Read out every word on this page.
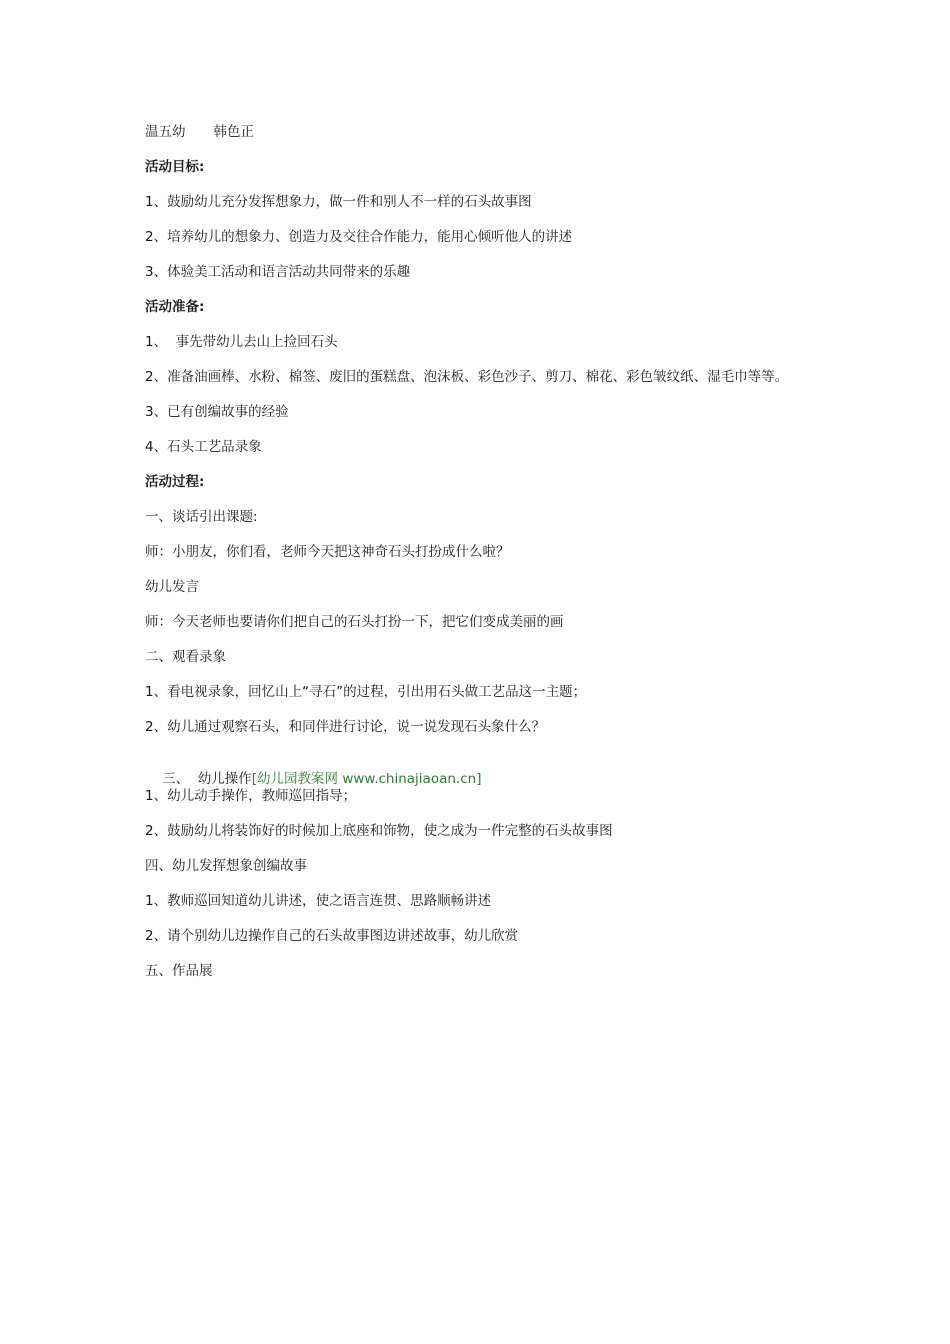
温五幼 韩色正
活动目标:
1、鼓励幼儿充分发挥想象力，做一件和别人不一样的石头故事图
2、培养幼儿的想象力、创造力及交往合作能力，能用心倾听他人的讲述
3、体验美工活动和语言活动共同带来的乐趣
活动准备:
1、  事先带幼儿去山上捡回石头
2、准备油画棒、水粉、棉签、废旧的蛋糕盘、泡沫板、彩色沙子、剪刀、棉花、彩色皱纹纸、湿毛巾等等。
3、已有创编故事的经验
4、石头工艺品录象
活动过程:
一、谈话引出课题:
师：小朋友，你们看，老师今天把这神奇石头打扮成什么啦？
幼儿发言
师：今天老师也要请你们把自己的石头打扮一下，把它们变成美丽的画
二、观看录象
1、看电视录象，回忆山上“寻石”的过程，引出用石头做工艺品这一主题；
2、幼儿通过观察石头，和同伴进行讨论，说一说发现石头象什么？

三、  幼儿操作[幼儿园教案网 www.chinajiaoan.cn]

1、幼儿动手操作，教师巡回指导；
2、鼓励幼儿将装饰好的时候加上底座和饰物，使之成为一件完整的石头故事图
四、幼儿发挥想象创编故事
1、教师巡回知道幼儿讲述，使之语言连贯、思路顺畅讲述
2、请个别幼儿边操作自己的石头故事图边讲述故事，幼儿欣赏
五、作品展
